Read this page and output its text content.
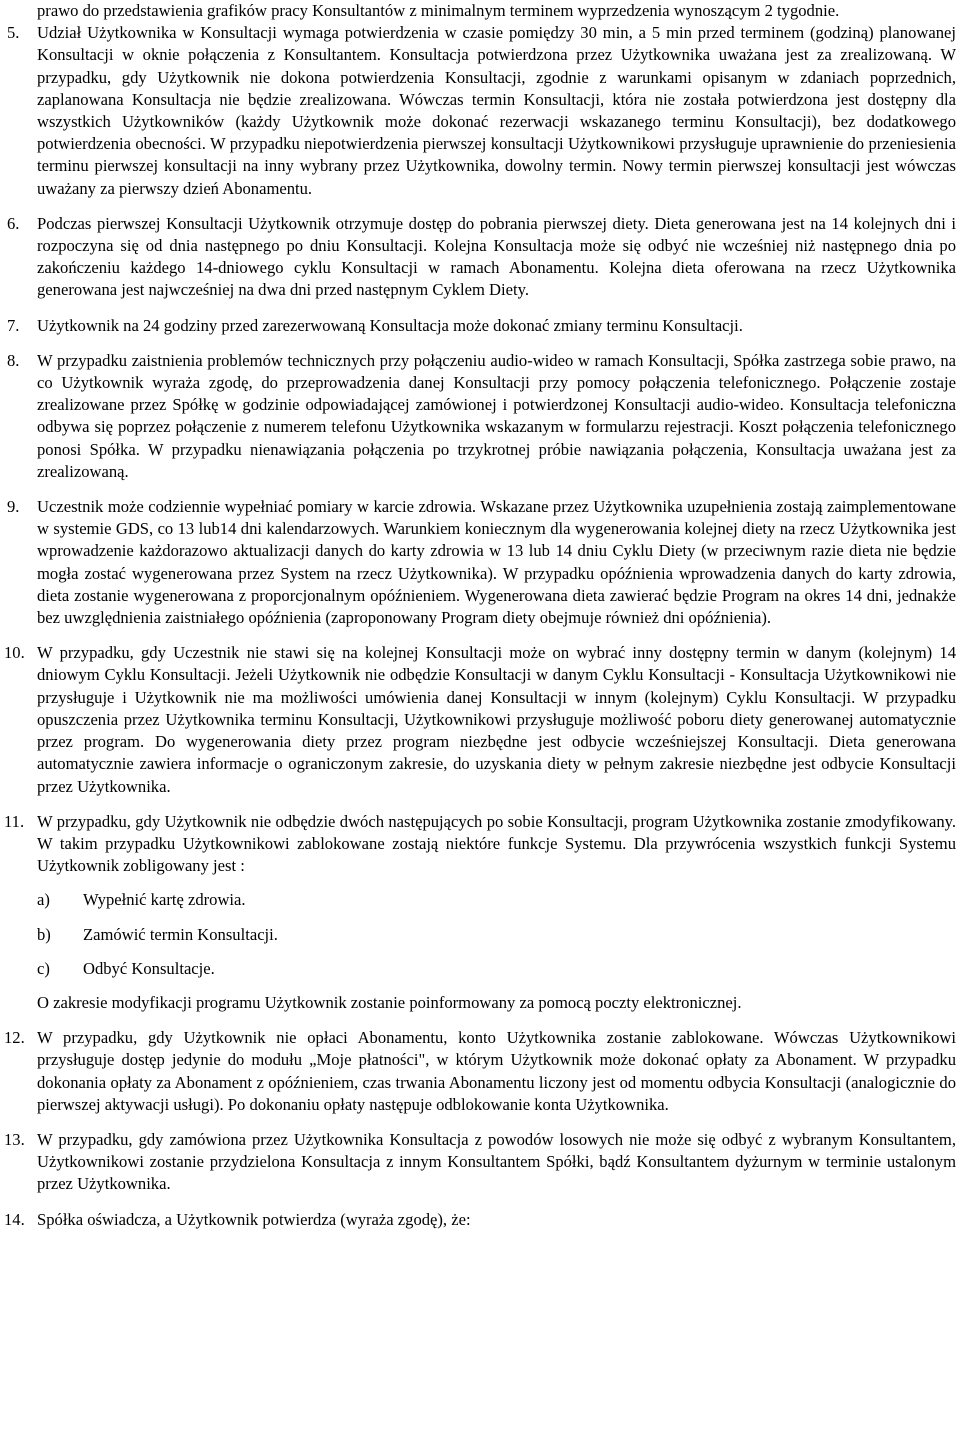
prawo do przedstawienia grafików pracy Konsultantów z minimalnym terminem wyprzedzenia wynoszącym 2 tygodnie.

5. Udział Użytkownika w Konsultacji wymaga potwierdzenia w czasie pomiędzy 30 min, a 5 min przed terminem (godziną) planowanej Konsultacji w oknie połączenia z Konsultantem. Konsultacja potwierdzona przez Użytkownika uważana jest za zrealizowaną. W przypadku, gdy Użytkownik nie dokona potwierdzenia Konsultacji, zgodnie z warunkami opisanym w zdaniach poprzednich, zaplanowana Konsultacja nie będzie zrealizowana. Wówczas termin Konsultacji, która nie została potwierdzona jest dostępny dla wszystkich Użytkowników (każdy Użytkownik może dokonać rezerwacji wskazanego terminu Konsultacji), bez dodatkowego potwierdzenia obecności. W przypadku niepotwierdzenia pierwszej konsultacji Użytkownikowi przysługuje uprawnienie do przeniesienia terminu pierwszej konsultacji na inny wybrany przez Użytkownika, dowolny termin. Nowy termin pierwszej konsultacji jest wówczas uważany za pierwszy dzień Abonamentu.

6. Podczas pierwszej Konsultacji Użytkownik otrzymuje dostęp do pobrania pierwszej diety. Dieta generowana jest na 14 kolejnych dni i rozpoczyna się od dnia następnego po dniu Konsultacji. Kolejna Konsultacja może się odbyć nie wcześniej niż następnego dnia po zakończeniu każdego 14-dniowego cyklu Konsultacji w ramach Abonamentu. Kolejna dieta oferowana na rzecz Użytkownika generowana jest najwcześniej na dwa dni przed następnym Cyklem Diety.

7. Użytkownik na 24 godziny przed zarezerwowaną Konsultacja może dokonać zmiany terminu Konsultacji.

8. W przypadku zaistnienia problemów technicznych przy połączeniu audio-wideo w ramach Konsultacji, Spółka zastrzega sobie prawo, na co Użytkownik wyraża zgodę, do przeprowadzenia danej Konsultacji przy pomocy połączenia telefonicznego. Połączenie zostaje zrealizowane przez Spółkę w godzinie odpowiadającej zamówionej i potwierdzonej Konsultacji audio-wideo. Konsultacja telefoniczna odbywa się poprzez połączenie z numerem telefonu Użytkownika wskazanym w formularzu rejestracji. Koszt połączenia telefonicznego ponosi Spółka. W przypadku nienawiązania połączenia po trzykrotnej próbie nawiązania połączenia, Konsultacja uważana jest za zrealizowaną.

9. Uczestnik może codziennie wypełniać pomiary w karcie zdrowia. Wskazane przez Użytkownika uzupełnienia zostają zaimplementowane w systemie GDS, co 13 lub14 dni kalendarzowych. Warunkiem koniecznym dla wygenerowania kolejnej diety na rzecz Użytkownika jest wprowadzenie każdorazowo aktualizacji danych do karty zdrowia w 13 lub 14 dniu Cyklu Diety (w przeciwnym razie dieta nie będzie mogła zostać wygenerowana przez System na rzecz Użytkownika). W przypadku opóźnienia wprowadzenia danych do karty zdrowia, dieta zostanie wygenerowana z proporcjonalnym opóźnieniem. Wygenerowana dieta zawierać będzie Program na okres 14 dni, jednakże bez uwzględnienia zaistniałego opóźnienia (zaproponowany Program diety obejmuje również dni opóźnienia).

10. W przypadku, gdy Uczestnik nie stawi się na kolejnej Konsultacji może on wybrać inny dostępny termin w danym (kolejnym) 14 dniowym Cyklu Konsultacji. Jeżeli Użytkownik nie odbędzie Konsultacji w danym Cyklu Konsultacji - Konsultacja Użytkownikowi nie przysługuje i Użytkownik nie ma możliwości umówienia danej Konsultacji w innym (kolejnym) Cyklu Konsultacji. W przypadku opuszczenia przez Użytkownika terminu Konsultacji, Użytkownikowi przysługuje możliwość poboru diety generowanej automatycznie przez program. Do wygenerowania diety przez program niezbędne jest odbycie wcześniejszej Konsultacji. Dieta generowana automatycznie zawiera informacje o ograniczonym zakresie, do uzyskania diety w pełnym zakresie niezbędne jest odbycie Konsultacji przez Użytkownika.

11. W przypadku, gdy Użytkownik nie odbędzie dwóch następujących po sobie Konsultacji, program Użytkownika zostanie zmodyfikowany. W takim przypadku Użytkownikowi zablokowane zostają niektóre funkcje Systemu. Dla przywrócenia wszystkich funkcji Systemu Użytkownik zobligowany jest :

a) Wypełnić kartę zdrowia.
b) Zamówić termin Konsultacji.
c) Odbyć Konsultacje.

O zakresie modyfikacji programu Użytkownik zostanie poinformowany za pomocą poczty elektronicznej.

12. W przypadku, gdy Użytkownik nie opłaci Abonamentu, konto Użytkownika zostanie zablokowane. Wówczas Użytkownikowi przysługuje dostęp jedynie do modułu „Moje płatności", w którym Użytkownik może dokonać opłaty za Abonament. W przypadku dokonania opłaty za Abonament z opóźnieniem, czas trwania Abonamentu liczony jest od momentu odbycia Konsultacji (analogicznie do pierwszej aktywacji usługi). Po dokonaniu opłaty następuje odblokowanie konta Użytkownika.

13. W przypadku, gdy zamówiona przez Użytkownika Konsultacja z powodów losowych nie może się odbyć z wybranym Konsultantem, Użytkownikowi zostanie przydzielona Konsultacja z innym Konsultantem Spółki, bądź Konsultantem dyżurnym w terminie ustalonym przez Użytkownika.

14. Spółka oświadcza, a Użytkownik potwierdza (wyraża zgodę), że:
